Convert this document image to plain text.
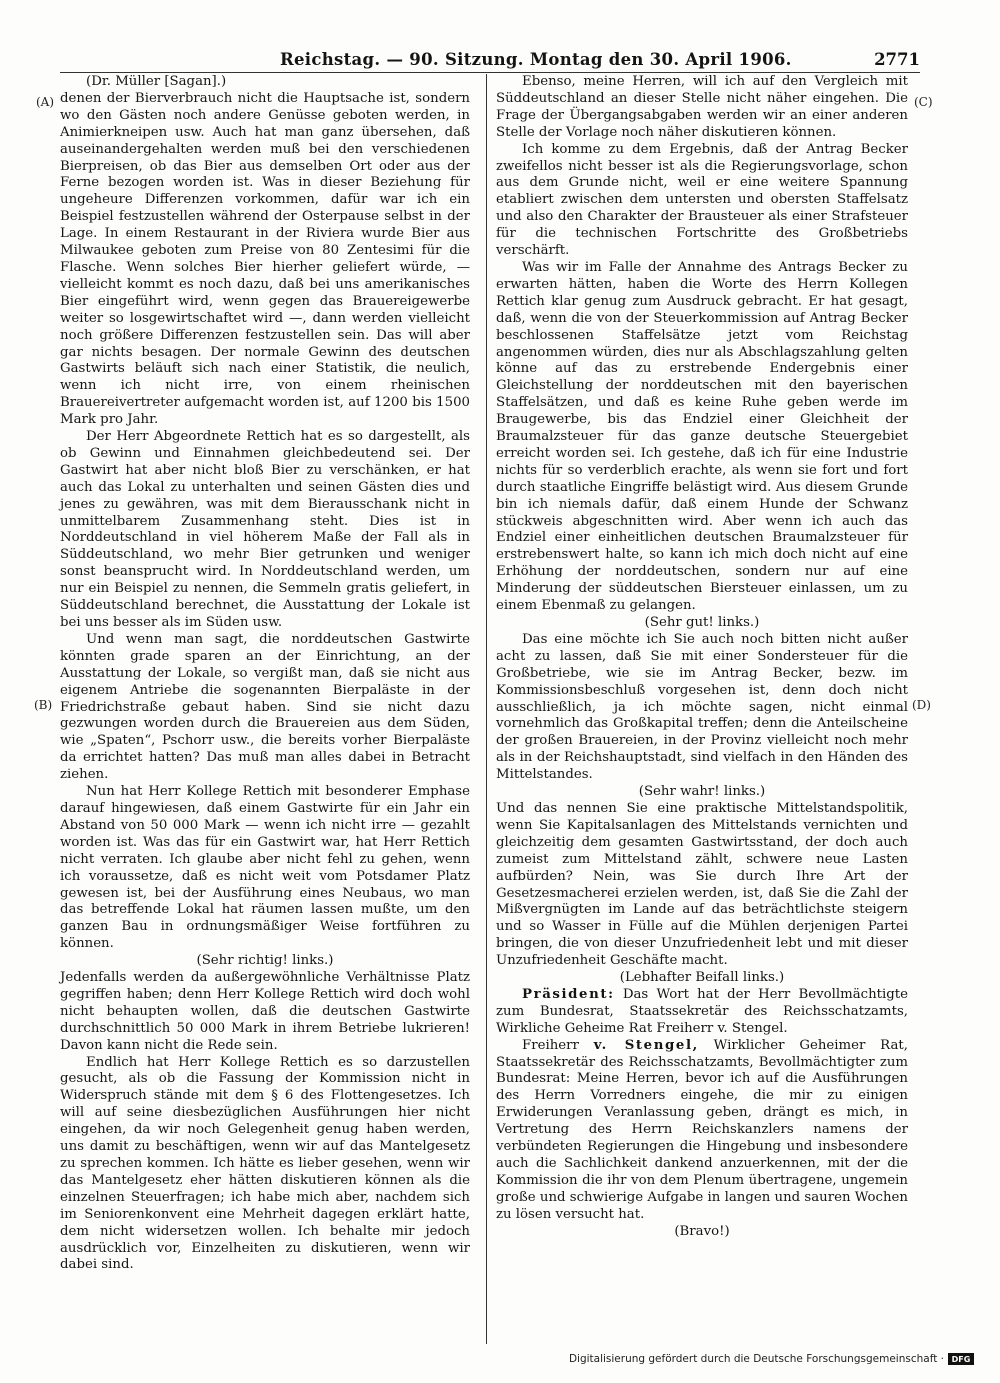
Reichstag. — 90. Sitzung. Montag den 30. April 1906.	2771
(A)
(B)
(C)
(D)

(Dr. Müller [Sagan].)

denen der Bierverbrauch nicht die Hauptsache ist, sondern wo den Gästen noch andere Genüsse geboten werden, in Animierkneipen usw. Auch hat man ganz übersehen, daß auseinandergehalten werden muß bei den verschiedenen Bierpreisen, ob das Bier aus demselben Ort oder aus der Ferne bezogen worden ist. Was in dieser Beziehung für ungeheure Differenzen vorkommen, dafür war ich ein Beispiel festzustellen während der Osterpause selbst in der Lage. In einem Restaurant in der Riviera wurde Bier aus Milwaukee geboten zum Preise von 80 Zentesimi für die Flasche. Wenn solches Bier hierher geliefert würde, — vielleicht kommt es noch dazu, daß bei uns amerikanisches Bier eingeführt wird, wenn gegen das Brauereigewerbe weiter so losgewirtschaftet wird —, dann werden vielleicht noch größere Differenzen festzustellen sein. Das will aber gar nichts besagen. Der normale Gewinn des deutschen Gastwirts beläuft sich nach einer Statistik, die neulich, wenn ich nicht irre, von einem rheinischen Brauereivertreter aufgemacht worden ist, auf 1200 bis 1500 Mark pro Jahr.

Der Herr Abgeordnete Rettich hat es so dargestellt, als ob Gewinn und Einnahmen gleichbedeutend sei. Der Gastwirt hat aber nicht bloß Bier zu verschänken, er hat auch das Lokal zu unterhalten und seinen Gästen dies und jenes zu gewähren, was mit dem Bierausschank nicht in unmittelbarem Zusammenhang steht. Dies ist in Norddeutschland in viel höherem Maße der Fall als in Süddeutschland, wo mehr Bier getrunken und weniger sonst beansprucht wird. In Norddeutschland werden, um nur ein Beispiel zu nennen, die Semmeln gratis geliefert, in Süddeutschland berechnet, die Ausstattung der Lokale ist bei uns besser als im Süden usw.

Und wenn man sagt, die norddeutschen Gastwirte könnten grade sparen an der Einrichtung, an der Ausstattung der Lokale, so vergißt man, daß sie nicht aus eigenem Antriebe die sogenannten Bierpaläste in der Friedrichstraße gebaut haben. Sind sie nicht dazu gezwungen worden durch die Brauereien aus dem Süden, wie „Spaten“, Pschorr usw., die bereits vorher Bierpaläste da errichtet hatten? Das muß man alles dabei in Betracht ziehen.

Nun hat Herr Kollege Rettich mit besonderer Emphase darauf hingewiesen, daß einem Gastwirte für ein Jahr ein Abstand von 50 000 Mark — wenn ich nicht irre — gezahlt worden ist. Was das für ein Gastwirt war, hat Herr Rettich nicht verraten. Ich glaube aber nicht fehl zu gehen, wenn ich voraussetze, daß es nicht weit vom Potsdamer Platz gewesen ist, bei der Ausführung eines Neubaus, wo man das betreffende Lokal hat räumen lassen mußte, um den ganzen Bau in ordnungsmäßiger Weise fortführen zu können.

(Sehr richtig! links.)

Jedenfalls werden da außergewöhnliche Verhältnisse Platz gegriffen haben; denn Herr Kollege Rettich wird doch wohl nicht behaupten wollen, daß die deutschen Gastwirte durchschnittlich 50 000 Mark in ihrem Betriebe lukrieren! Davon kann nicht die Rede sein.

Endlich hat Herr Kollege Rettich es so darzustellen gesucht, als ob die Fassung der Kommission nicht in Widerspruch stände mit dem § 6 des Flottengesetzes. Ich will auf seine diesbezüglichen Ausführungen hier nicht eingehen, da wir noch Gelegenheit genug haben werden, uns damit zu beschäftigen, wenn wir auf das Mantelgesetz zu sprechen kommen. Ich hätte es lieber gesehen, wenn wir das Mantelgesetz eher hätten diskutieren können als die einzelnen Steuerfragen; ich habe mich aber, nachdem sich im Seniorenkonvent eine Mehrheit dagegen erklärt hatte, dem nicht widersetzen wollen. Ich behalte mir jedoch ausdrücklich vor, Einzelheiten zu diskutieren, wenn wir dabei sind.

Ebenso, meine Herren, will ich auf den Vergleich mit Süddeutschland an dieser Stelle nicht näher eingehen. Die Frage der Übergangsabgaben werden wir an einer anderen Stelle der Vorlage noch näher diskutieren können.

Ich komme zu dem Ergebnis, daß der Antrag Becker zweifellos nicht besser ist als die Regierungsvorlage, schon aus dem Grunde nicht, weil er eine weitere Spannung etabliert zwischen dem untersten und obersten Staffelsatz und also den Charakter der Brausteuer als einer Strafsteuer für die technischen Fortschritte des Großbetriebs verschärft.

Was wir im Falle der Annahme des Antrags Becker zu erwarten hätten, haben die Worte des Herrn Kollegen Rettich klar genug zum Ausdruck gebracht. Er hat gesagt, daß, wenn die von der Steuerkommission auf Antrag Becker beschlossenen Staffelsätze jetzt vom Reichstag angenommen würden, dies nur als Abschlagszahlung gelten könne auf das zu erstrebende Endergebnis einer Gleichstellung der norddeutschen mit den bayerischen Staffelsätzen, und daß es keine Ruhe geben werde im Braugewerbe, bis das Endziel einer Gleichheit der Braumalzsteuer für das ganze deutsche Steuergebiet erreicht worden sei. Ich gestehe, daß ich für eine Industrie nichts für so verderblich erachte, als wenn sie fort und fort durch staatliche Eingriffe belästigt wird. Aus diesem Grunde bin ich niemals dafür, daß einem Hunde der Schwanz stückweis abgeschnitten wird. Aber wenn ich auch das Endziel einer einheitlichen deutschen Braumalzsteuer für erstrebenswert halte, so kann ich mich doch nicht auf eine Erhöhung der norddeutschen, sondern nur auf eine Minderung der süddeutschen Biersteuer einlassen, um zu einem Ebenmaß zu gelangen.

(Sehr gut! links.)

Das eine möchte ich Sie auch noch bitten nicht außer acht zu lassen, daß Sie mit einer Sondersteuer für die Großbetriebe, wie sie im Antrag Becker, bezw. im Kommissionsbeschluß vorgesehen ist, denn doch nicht ausschließlich, ja ich möchte sagen, nicht einmal vornehmlich das Großkapital treffen; denn die Anteilscheine der großen Brauereien, in der Provinz vielleicht noch mehr als in der Reichshauptstadt, sind vielfach in den Händen des Mittelstandes.

(Sehr wahr! links.)

Und das nennen Sie eine praktische Mittelstandspolitik, wenn Sie Kapitalsanlagen des Mittelstands vernichten und gleichzeitig dem gesamten Gastwirtsstand, der doch auch zumeist zum Mittelstand zählt, schwere neue Lasten aufbürden? Nein, was Sie durch Ihre Art der Gesetzesmacherei erzielen werden, ist, daß Sie die Zahl der Mißvergnügten im Lande auf das beträchtlichste steigern und so Wasser in Fülle auf die Mühlen derjenigen Partei bringen, die von dieser Unzufriedenheit lebt und mit dieser Unzufriedenheit Geschäfte macht.

(Lebhafter Beifall links.)

Präsident: Das Wort hat der Herr Bevollmächtigte zum Bundesrat, Staatssekretär des Reichsschatzamts, Wirkliche Geheime Rat Freiherr v. Stengel.

Freiherr v. Stengel, Wirklicher Geheimer Rat, Staatssekretär des Reichsschatzamts, Bevollmächtigter zum Bundesrat: Meine Herren, bevor ich auf die Ausführungen des Herrn Vorredners eingehe, die mir zu einigen Erwiderungen Veranlassung geben, drängt es mich, in Vertretung des Herrn Reichskanzlers namens der verbündeten Regierungen die Hingebung und insbesondere auch die Sachlichkeit dankend anzuerkennen, mit der die Kommission die ihr von dem Plenum übertragene, ungemein große und schwierige Aufgabe in langen und sauren Wochen zu lösen versucht hat.

(Bravo!)

Digitalisierung gefördert durch die Deutsche Forschungsgemeinschaft · DFG
